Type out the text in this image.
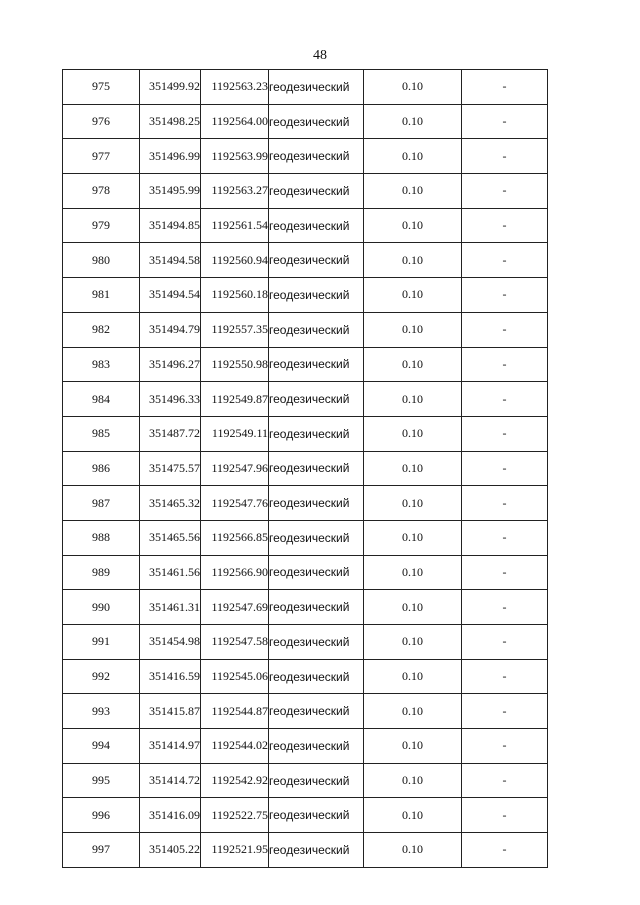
48
975	351499.92	1192563.23	геодезический	0.10	-
976	351498.25	1192564.00	геодезический	0.10	-
977	351496.99	1192563.99	геодезический	0.10	-
978	351495.99	1192563.27	геодезический	0.10	-
979	351494.85	1192561.54	геодезический	0.10	-
980	351494.58	1192560.94	геодезический	0.10	-
981	351494.54	1192560.18	геодезический	0.10	-
982	351494.79	1192557.35	геодезический	0.10	-
983	351496.27	1192550.98	геодезический	0.10	-
984	351496.33	1192549.87	геодезический	0.10	-
985	351487.72	1192549.11	геодезический	0.10	-
986	351475.57	1192547.96	геодезический	0.10	-
987	351465.32	1192547.76	геодезический	0.10	-
988	351465.56	1192566.85	геодезический	0.10	-
989	351461.56	1192566.90	геодезический	0.10	-
990	351461.31	1192547.69	геодезический	0.10	-
991	351454.98	1192547.58	геодезический	0.10	-
992	351416.59	1192545.06	геодезический	0.10	-
993	351415.87	1192544.87	геодезический	0.10	-
994	351414.97	1192544.02	геодезический	0.10	-
995	351414.72	1192542.92	геодезический	0.10	-
996	351416.09	1192522.75	геодезический	0.10	-
997	351405.22	1192521.95	геодезический	0.10	-
